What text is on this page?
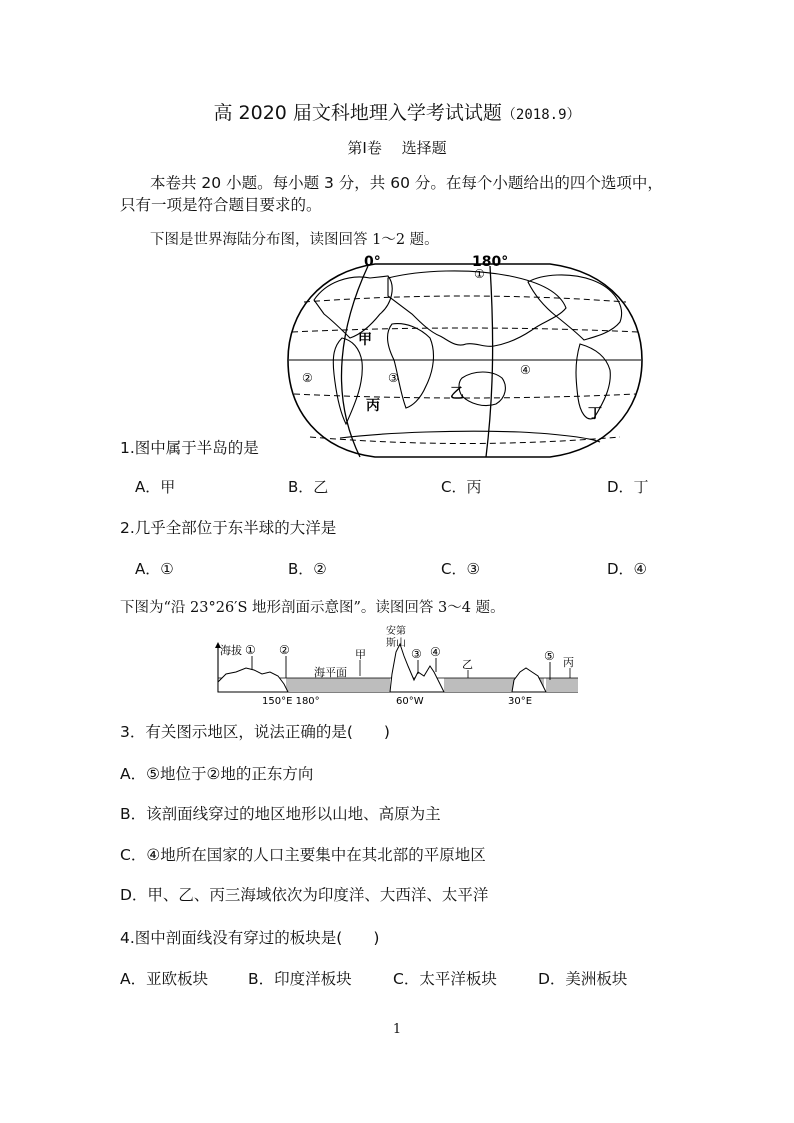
高 2020 届文科地理入学考试试题（2018.9）
第Ⅰ卷　 选择题
本卷共 20 小题。每小题 3 分，共 60 分。在每个小题给出的四个选项中，
只有一项是符合题目要求的。
下图是世界海陆分布图，读图回答 1～2 题。
0°	180°
①
②	③
④
甲
乙
丙	丁
1.图中属于半岛的是
A．甲	B．乙	C．丙	D．丁
2.几乎全部位于东半球的大洋是
A．①	B．②	C．③	D．④
下图为“沿 23°26′S 地形剖面示意图”。读图回答 3～4 题。
海拔
海平面
安第
斯山
① ②	③ ④	⑤
甲
乙	丙
150°E 180°	60°W	30°E
3．有关图示地区，说法正确的是(　　)
A．⑤地位于②地的正东方向
B．该剖面线穿过的地区地形以山地、高原为主
C．④地所在国家的人口主要集中在其北部的平原地区
D．甲、乙、丙三海域依次为印度洋、大西洋、太平洋
4.图中剖面线没有穿过的板块是(　　)
A．亚欧板块	B．印度洋板块	C．太平洋板块	D．美洲板块
1
